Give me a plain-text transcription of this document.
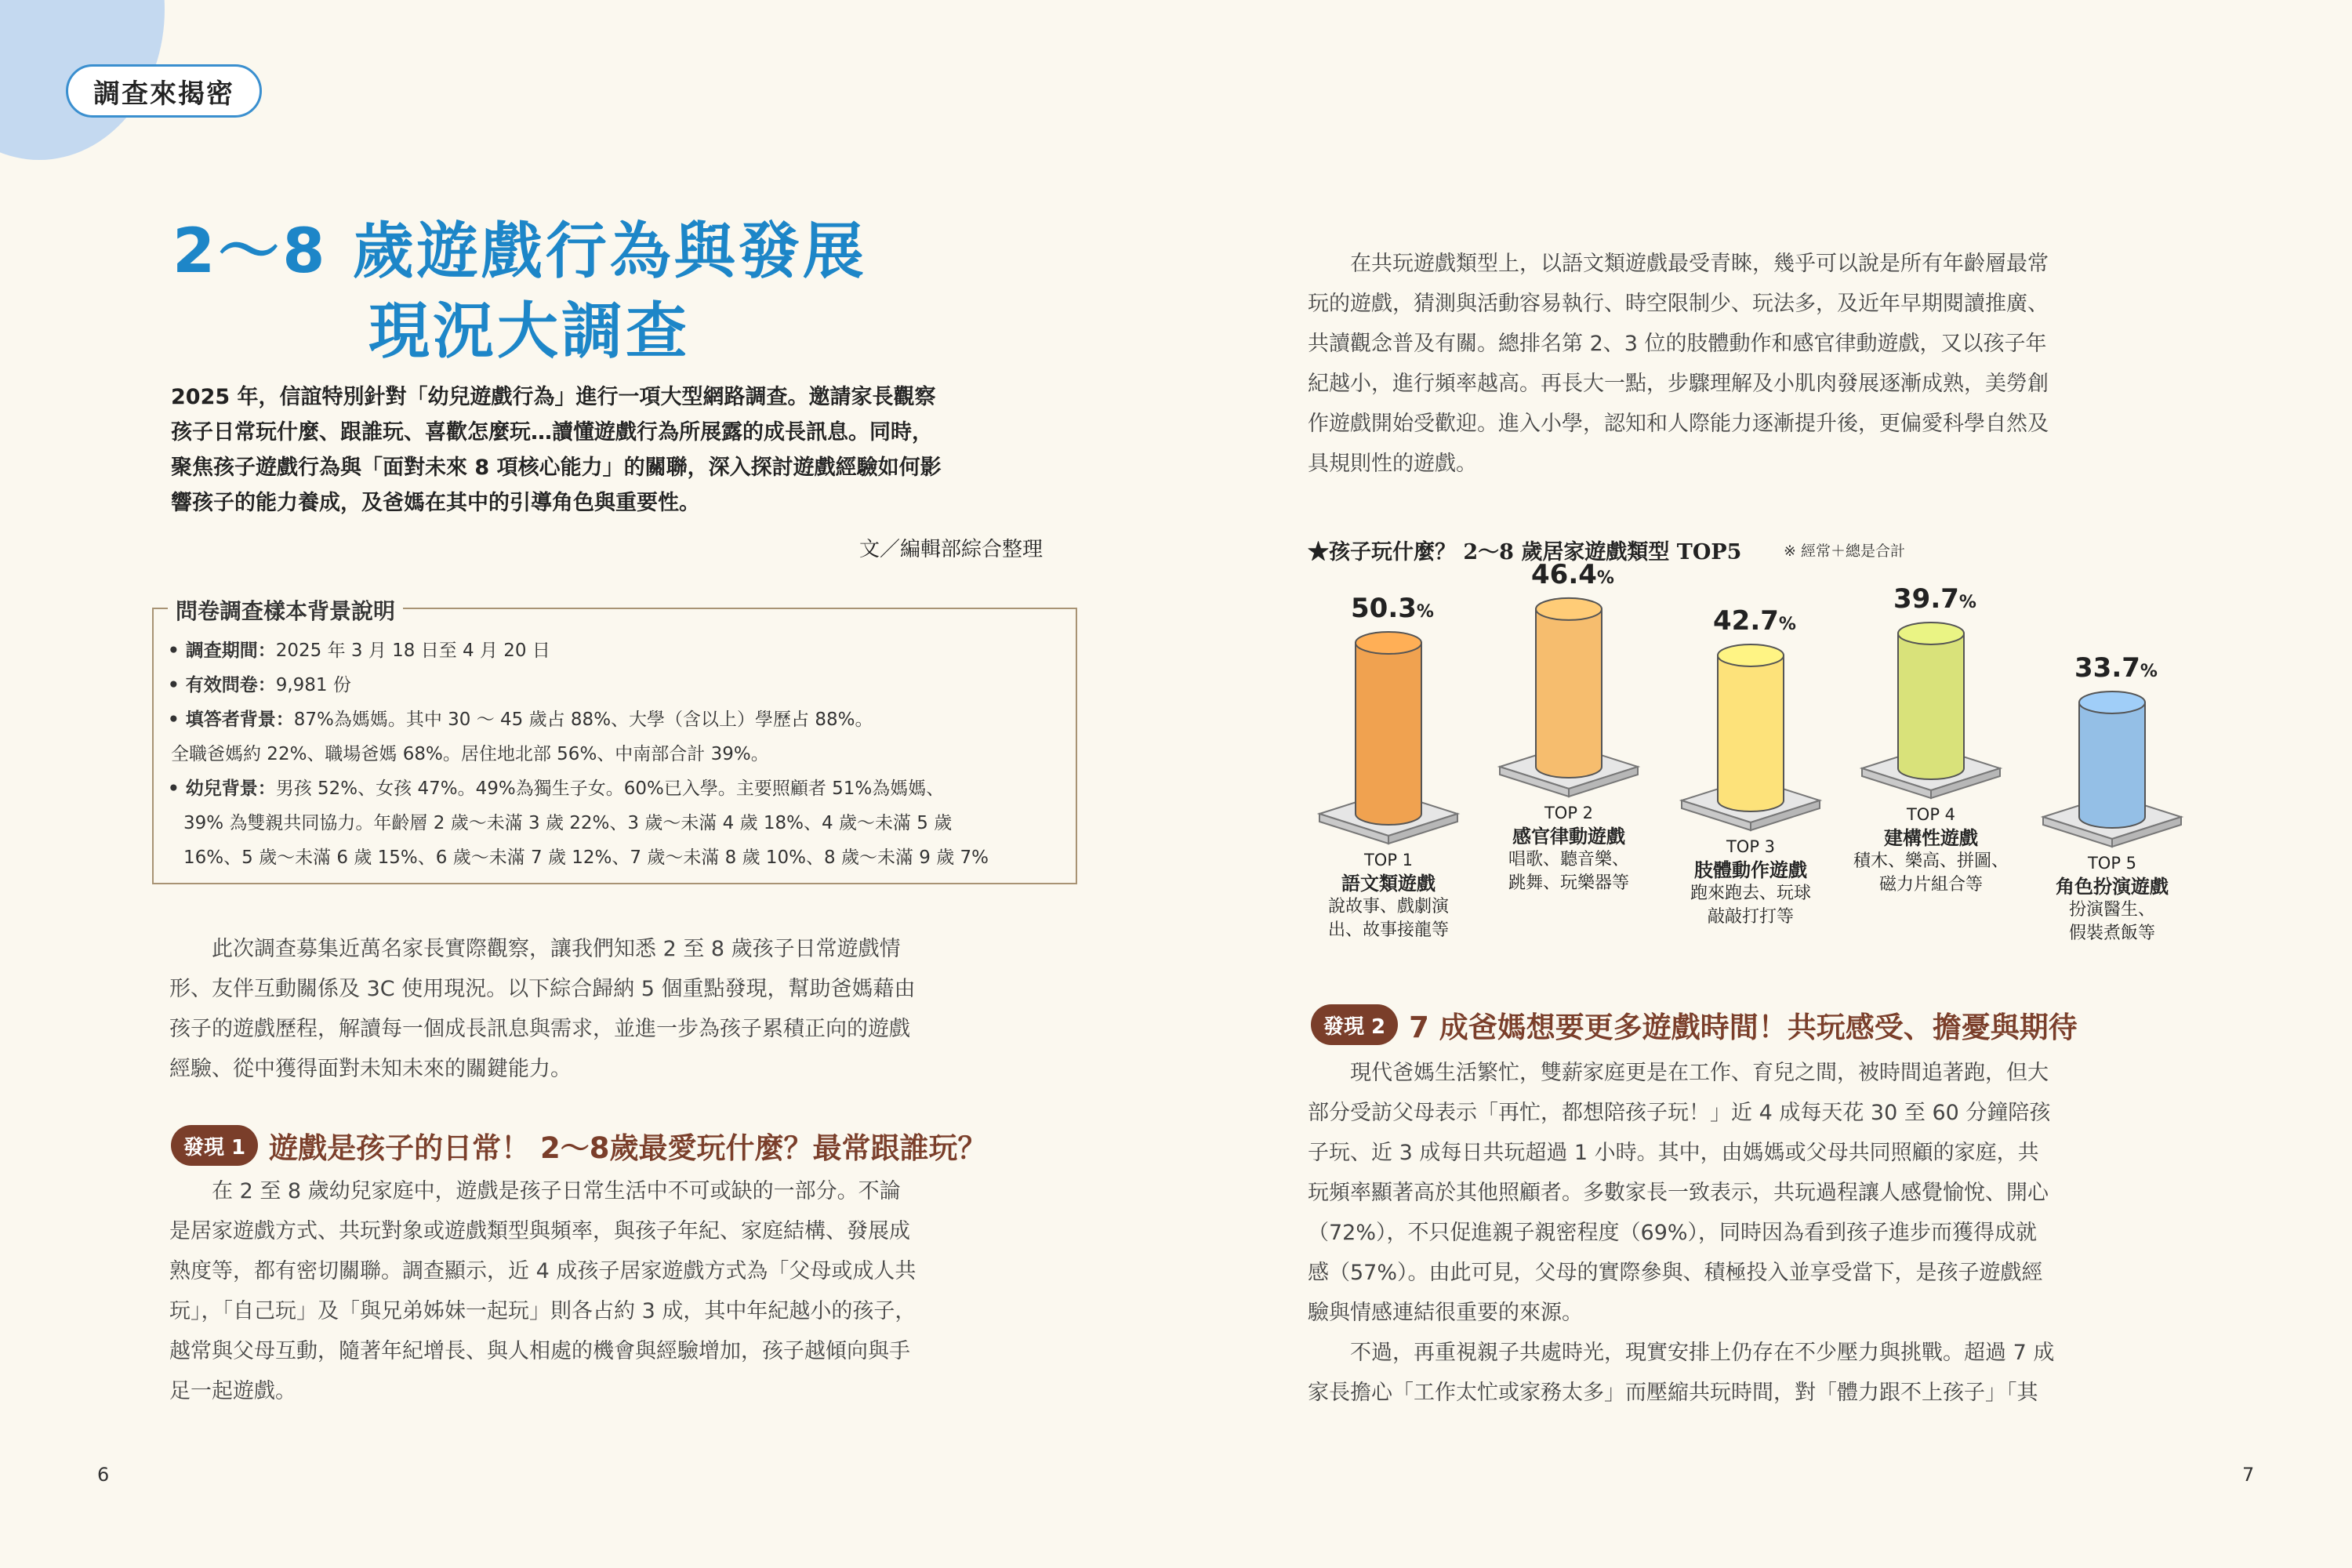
調查來揭密
2～8 歲遊戲行為與發展
現況大調查

2025 年，信誼特別針對「幼兒遊戲行為」進行一項大型網路調查。邀請家長觀察

孩子日常玩什麼、跟誰玩、喜歡怎麼玩…讀懂遊戲行為所展露的成長訊息。同時，

聚焦孩子遊戲行為與「面對未來 8 項核心能力」的關聯，深入探討遊戲經驗如何影

響孩子的能力養成，及爸媽在其中的引導角色與重要性。

文／編輯部綜合整理
問卷調查樣本背景說明
• 調查期間：2025 年 3 月 18 日至 4 月 20 日
• 有效問卷：9,981 份
• 填答者背景：87%為媽媽。其中 30 ～ 45 歲占 88%、大學（含以上）學歷占 88%。
全職爸媽約 22%、職場爸媽 68%。居住地北部 56%、中南部合計 39%。
• 幼兒背景：男孩 52%、女孩 47%。49%為獨生子女。60%已入學。主要照顧者 51%為媽媽、
39% 為雙親共同協力。年齡層 2 歲～未滿 3 歲 22%、3 歲～未滿 4 歲 18%、4 歲～未滿 5 歲
16%、5 歲～未滿 6 歲 15%、6 歲～未滿 7 歲 12%、7 歲～未滿 8 歲 10%、8 歲～未滿 9 歲 7%
　　此次調查募集近萬名家長實際觀察，讓我們知悉 2 至 8 歲孩子日常遊戲情
形、友伴互動關係及 3C 使用現況。以下綜合歸納 5 個重點發現，幫助爸媽藉由
孩子的遊戲歷程，解讀每一個成長訊息與需求，並進一步為孩子累積正向的遊戲
經驗、從中獲得面對未知未來的關鍵能力。
發現 1 遊戲是孩子的日常！ 2～8歲最愛玩什麼？最常跟誰玩？
　　在 2 至 8 歲幼兒家庭中，遊戲是孩子日常生活中不可或缺的一部分。不論
是居家遊戲方式、共玩對象或遊戲類型與頻率，與孩子年紀、家庭結構、發展成
熟度等，都有密切關聯。調查顯示，近 4 成孩子居家遊戲方式為「父母或成人共
玩」，「自己玩」及「與兄弟姊妹一起玩」則各占約 3 成，其中年紀越小的孩子，
越常與父母互動，隨著年紀增長、與人相處的機會與經驗增加，孩子越傾向與手
足一起遊戲。
6
　　在共玩遊戲類型上，以語文類遊戲最受青睞，幾乎可以說是所有年齡層最常
玩的遊戲，猜測與活動容易執行、時空限制少、玩法多，及近年早期閱讀推廣、
共讀觀念普及有關。總排名第 2、3 位的肢體動作和感官律動遊戲，又以孩子年
紀越小，進行頻率越高。再長大一點，步驟理解及小肌肉發展逐漸成熟，美勞創
作遊戲開始受歡迎。進入小學，認知和人際能力逐漸提升後，更偏愛科學自然及
具規則性的遊戲。
★孩子玩什麼？ 2～8 歲居家遊戲類型 TOP5	※ 經常＋總是合計
50.3%
TOP 1
語文類遊戲
說故事、戲劇演
出、故事接龍等
46.4%
TOP 2
感官律動遊戲
唱歌、聽音樂、
跳舞、玩樂器等
42.7%
TOP 3
肢體動作遊戲
跑來跑去、玩球
敲敲打打等
39.7%
TOP 4
建構性遊戲
積木、樂高、拼圖、
磁力片組合等
33.7%
TOP 5
角色扮演遊戲
扮演醫生、
假裝煮飯等
發現 2 7 成爸媽想要更多遊戲時間！共玩感受、擔憂與期待
　　現代爸媽生活繁忙，雙薪家庭更是在工作、育兒之間，被時間追著跑，但大
部分受訪父母表示「再忙，都想陪孩子玩！」近 4 成每天花 30 至 60 分鐘陪孩
子玩、近 3 成每日共玩超過 1 小時。其中，由媽媽或父母共同照顧的家庭，共
玩頻率顯著高於其他照顧者。多數家長一致表示，共玩過程讓人感覺愉悅、開心
（72%），不只促進親子親密程度（69%），同時因為看到孩子進步而獲得成就
感（57%）。由此可見，父母的實際參與、積極投入並享受當下，是孩子遊戲經
驗與情感連結很重要的來源。
　　不過，再重視親子共處時光，現實安排上仍存在不少壓力與挑戰。超過 7 成
家長擔心「工作太忙或家務太多」而壓縮共玩時間，對「體力跟不上孩子」「其
7
